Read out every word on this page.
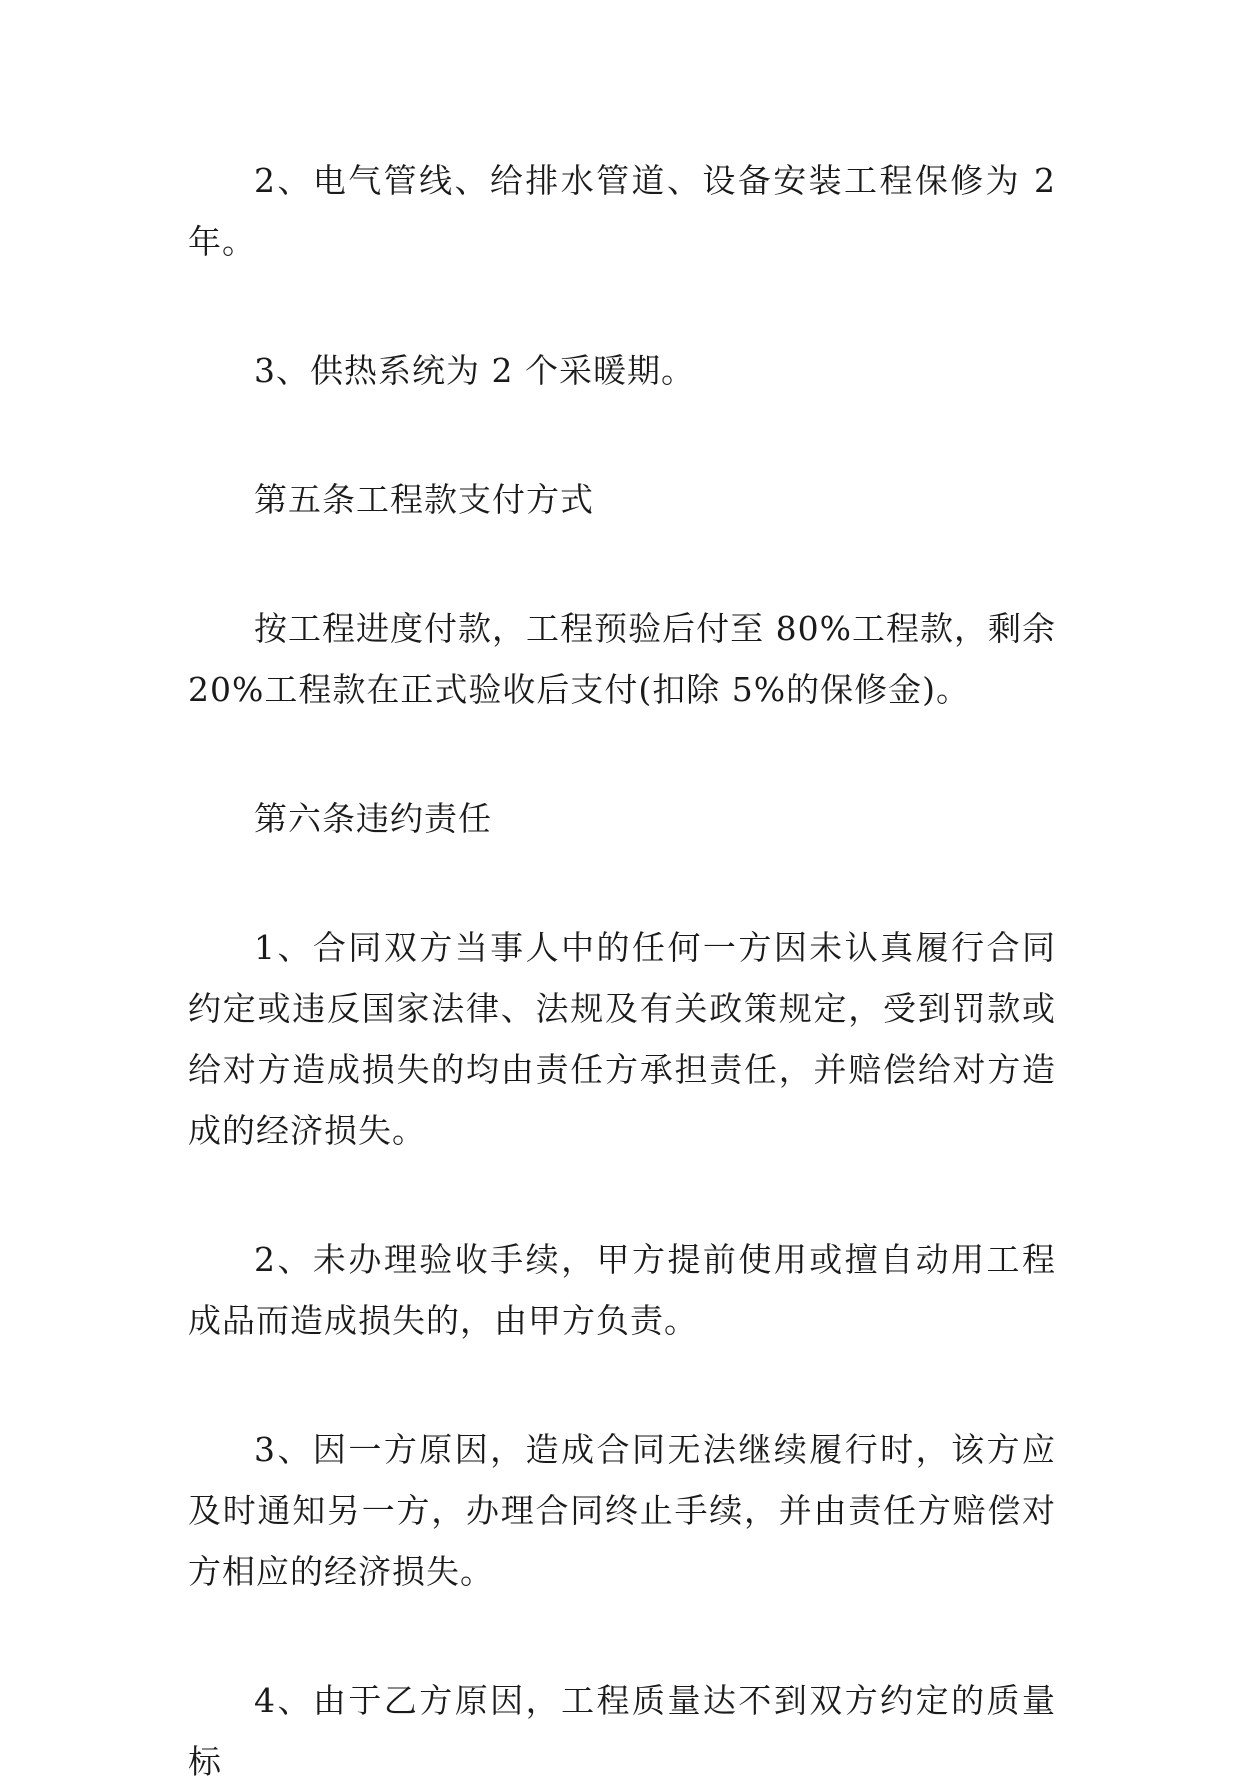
2、电气管线、给排水管道、设备安装工程保修为 2 年。

3、供热系统为 2 个采暖期。

第五条工程款支付方式

按工程进度付款，工程预验后付至 80%工程款，剩余 20%工程款在正式验收后支付(扣除 5%的保修金)。

第六条违约责任

1、合同双方当事人中的任何一方因未认真履行合同约定或违反国家法律、法规及有关政策规定，受到罚款或给对方造成损失的均由责任方承担责任，并赔偿给对方造成的经济损失。

2、未办理验收手续，甲方提前使用或擅自动用工程成品而造成损失的，由甲方负责。

3、因一方原因，造成合同无法继续履行时，该方应及时通知另一方，办理合同终止手续，并由责任方赔偿对方相应的经济损失。

4、由于乙方原因，工程质量达不到双方约定的质量标
